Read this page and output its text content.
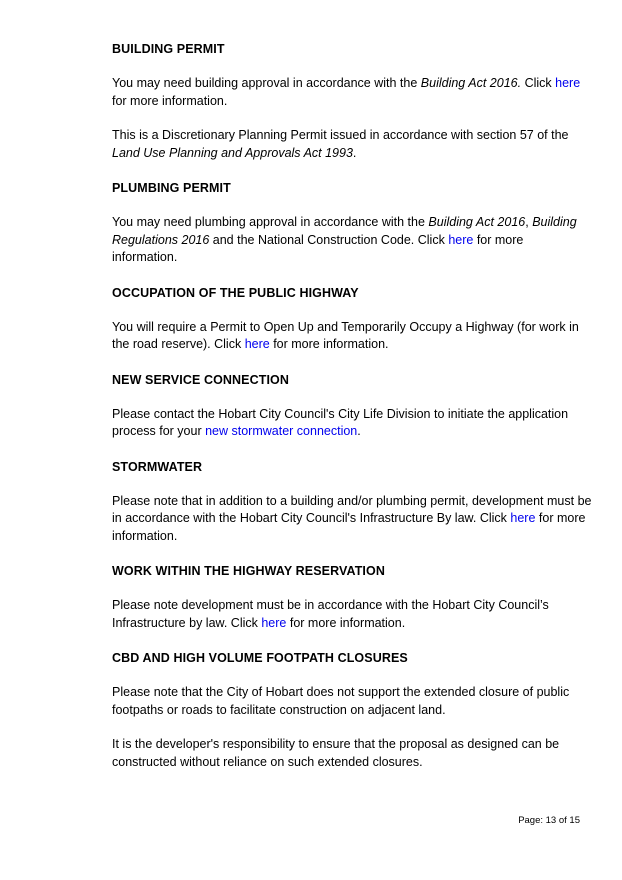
BUILDING PERMIT

You may need building approval in accordance with the Building Act 2016. Click here for more information.

This is a Discretionary Planning Permit issued in accordance with section 57 of the Land Use Planning and Approvals Act 1993.

PLUMBING PERMIT

You may need plumbing approval in accordance with the Building Act 2016, Building Regulations 2016 and the National Construction Code. Click here for more information.

OCCUPATION OF THE PUBLIC HIGHWAY

You will require a Permit to Open Up and Temporarily Occupy a Highway (for work in the road reserve). Click here for more information.

NEW SERVICE CONNECTION

Please contact the Hobart City Council's City Life Division to initiate the application process for your new stormwater connection.

STORMWATER

Please note that in addition to a building and/or plumbing permit, development must be in accordance with the Hobart City Council's Infrastructure By law. Click here for more information.

WORK WITHIN THE HIGHWAY RESERVATION

Please note development must be in accordance with the Hobart City Council’s Infrastructure by law. Click here for more information.

CBD AND HIGH VOLUME FOOTPATH CLOSURES

Please note that the City of Hobart does not support the extended closure of public footpaths or roads to facilitate construction on adjacent land.

It is the developer's responsibility to ensure that the proposal as designed can be constructed without reliance on such extended closures.

Page: 13 of 15
